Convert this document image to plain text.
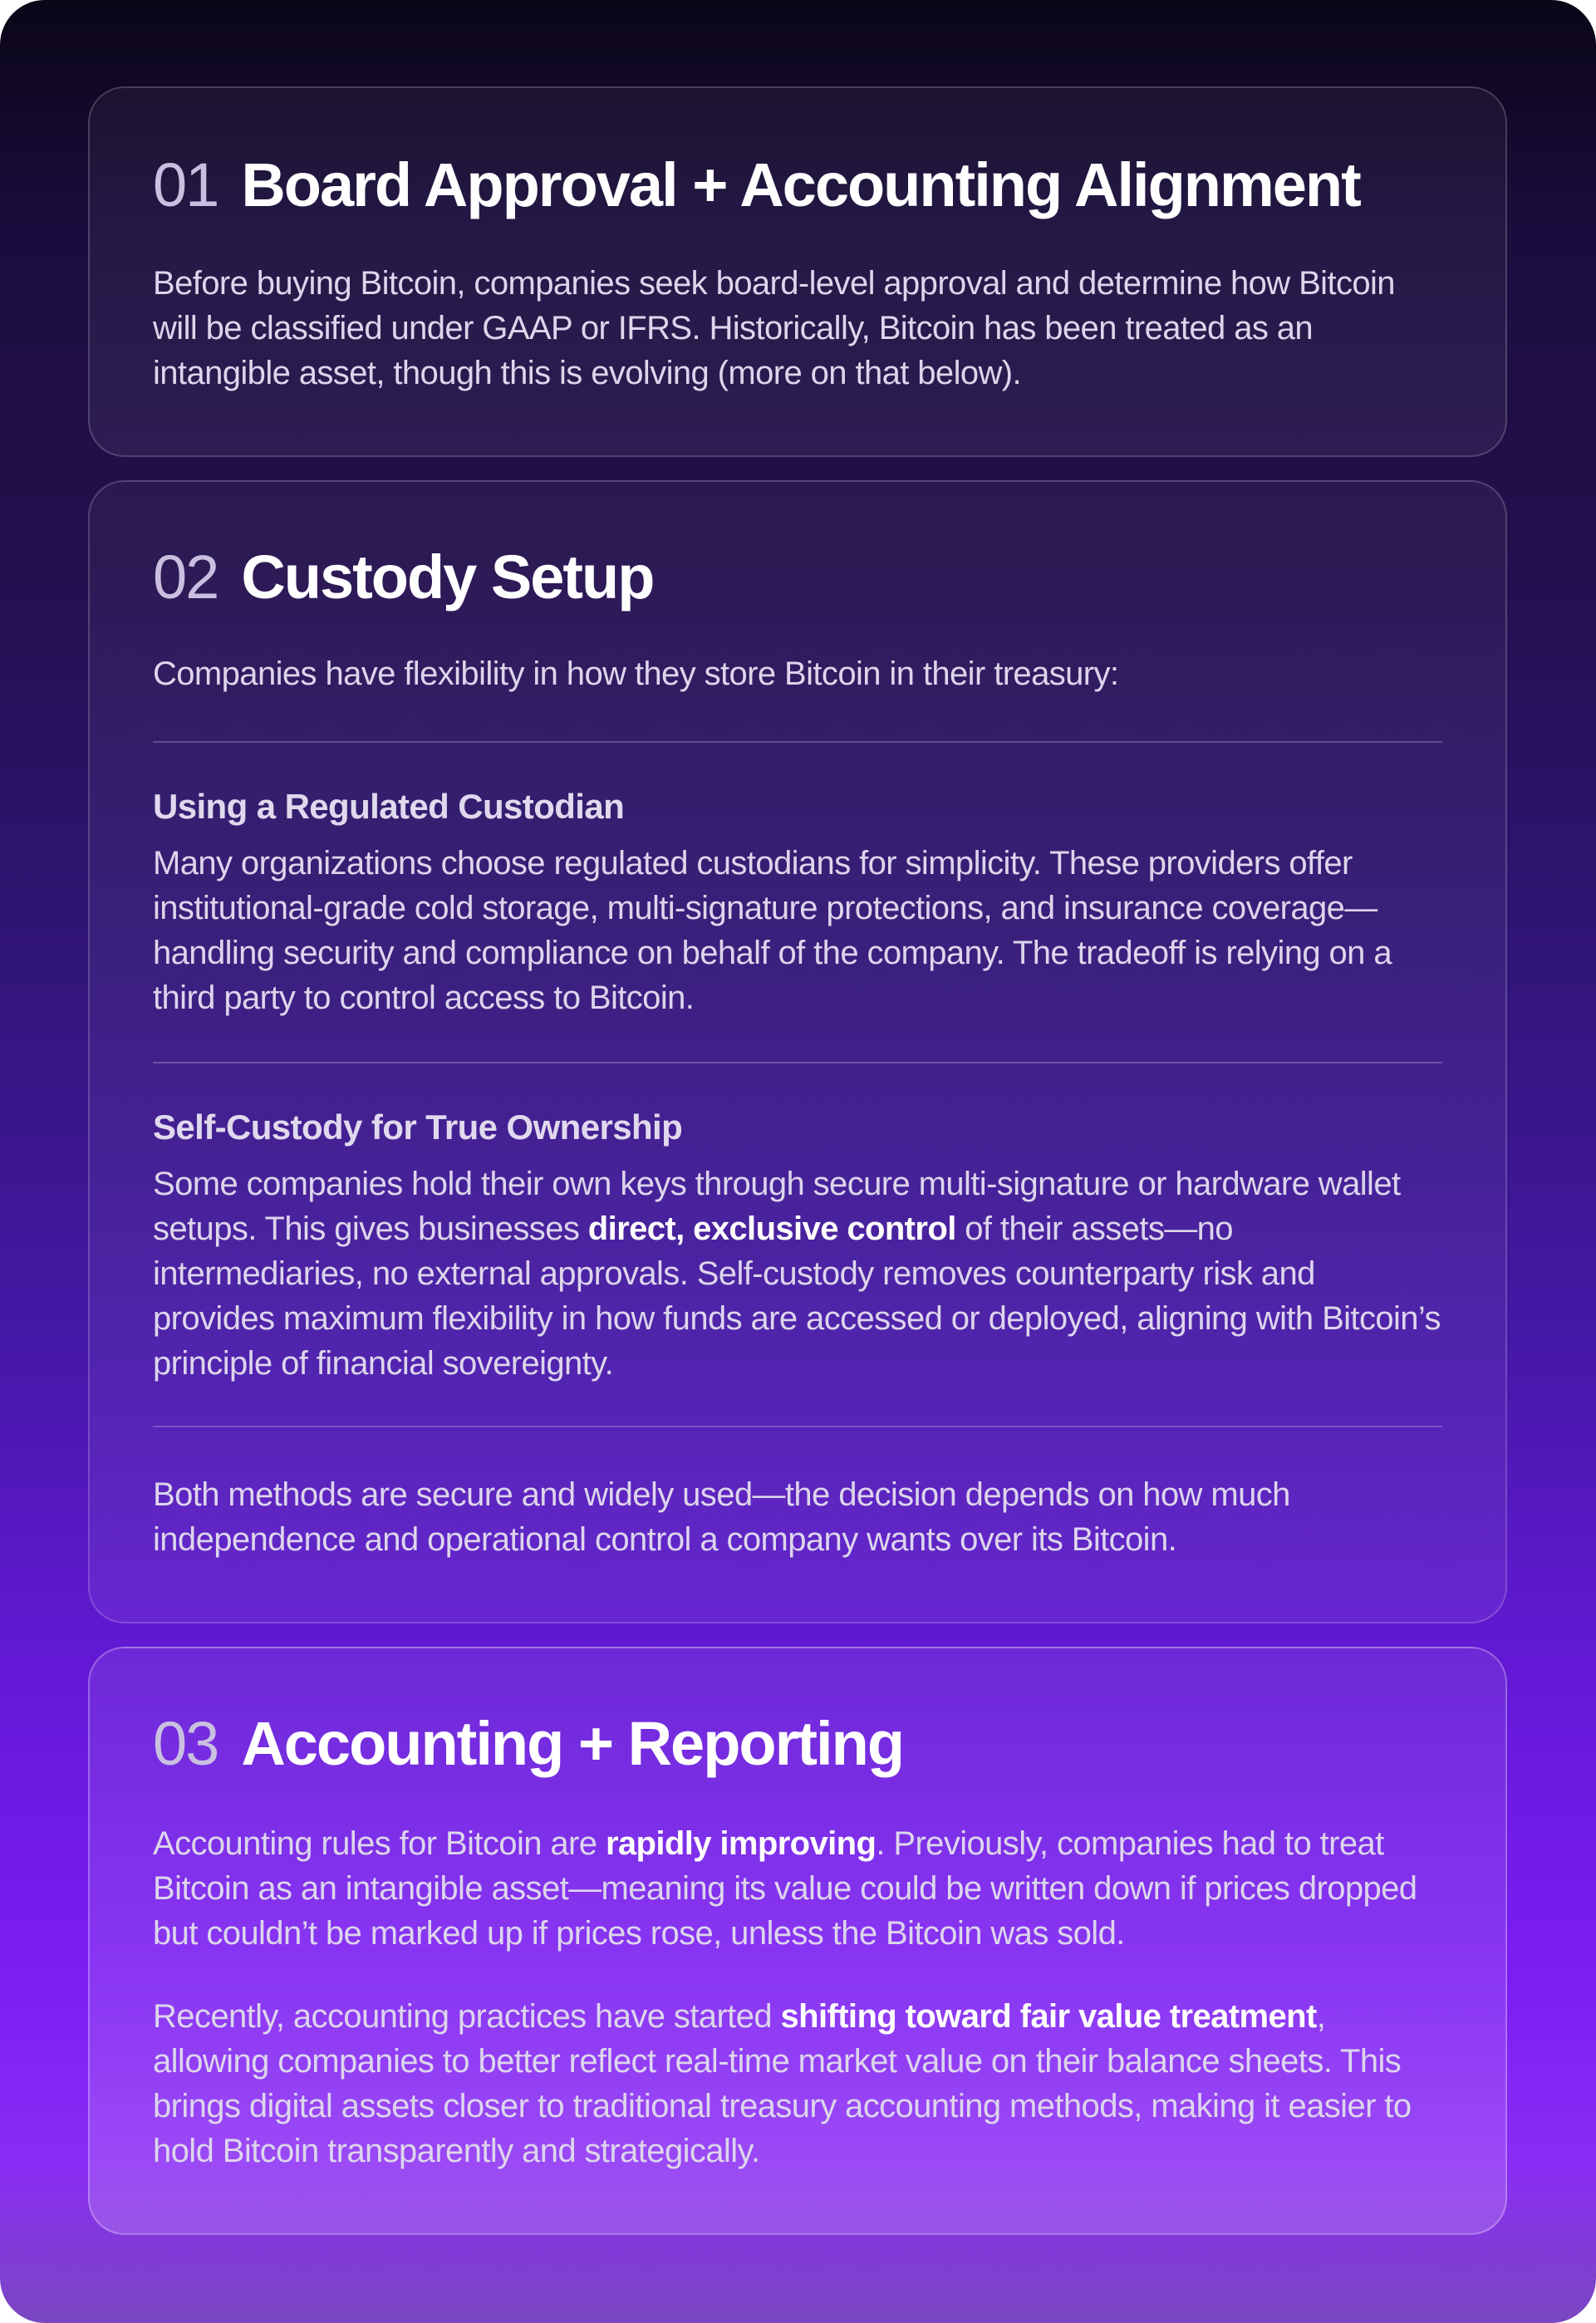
01 Board Approval + Accounting Alignment

Before buying Bitcoin, companies seek board-level approval and determine how Bitcoin will be classified under GAAP or IFRS. Historically, Bitcoin has been treated as an intangible asset, though this is evolving (more on that below).

02 Custody Setup

Companies have flexibility in how they store Bitcoin in their treasury:

Using a Regulated Custodian

Many organizations choose regulated custodians for simplicity. These providers offer institutional-grade cold storage, multi-signature protections, and insurance coverage—handling security and compliance on behalf of the company. The tradeoff is relying on a third party to control access to Bitcoin.

Self-Custody for True Ownership

Some companies hold their own keys through secure multi-signature or hardware wallet setups. This gives businesses direct, exclusive control of their assets—no intermediaries, no external approvals. Self-custody removes counterparty risk and provides maximum flexibility in how funds are accessed or deployed, aligning with Bitcoin’s principle of financial sovereignty.

Both methods are secure and widely used—the decision depends on how much independence and operational control a company wants over its Bitcoin.

03 Accounting + Reporting

Accounting rules for Bitcoin are rapidly improving. Previously, companies had to treat Bitcoin as an intangible asset—meaning its value could be written down if prices dropped but couldn’t be marked up if prices rose, unless the Bitcoin was sold.

Recently, accounting practices have started shifting toward fair value treatment, allowing companies to better reflect real-time market value on their balance sheets. This brings digital assets closer to traditional treasury accounting methods, making it easier to hold Bitcoin transparently and strategically.
